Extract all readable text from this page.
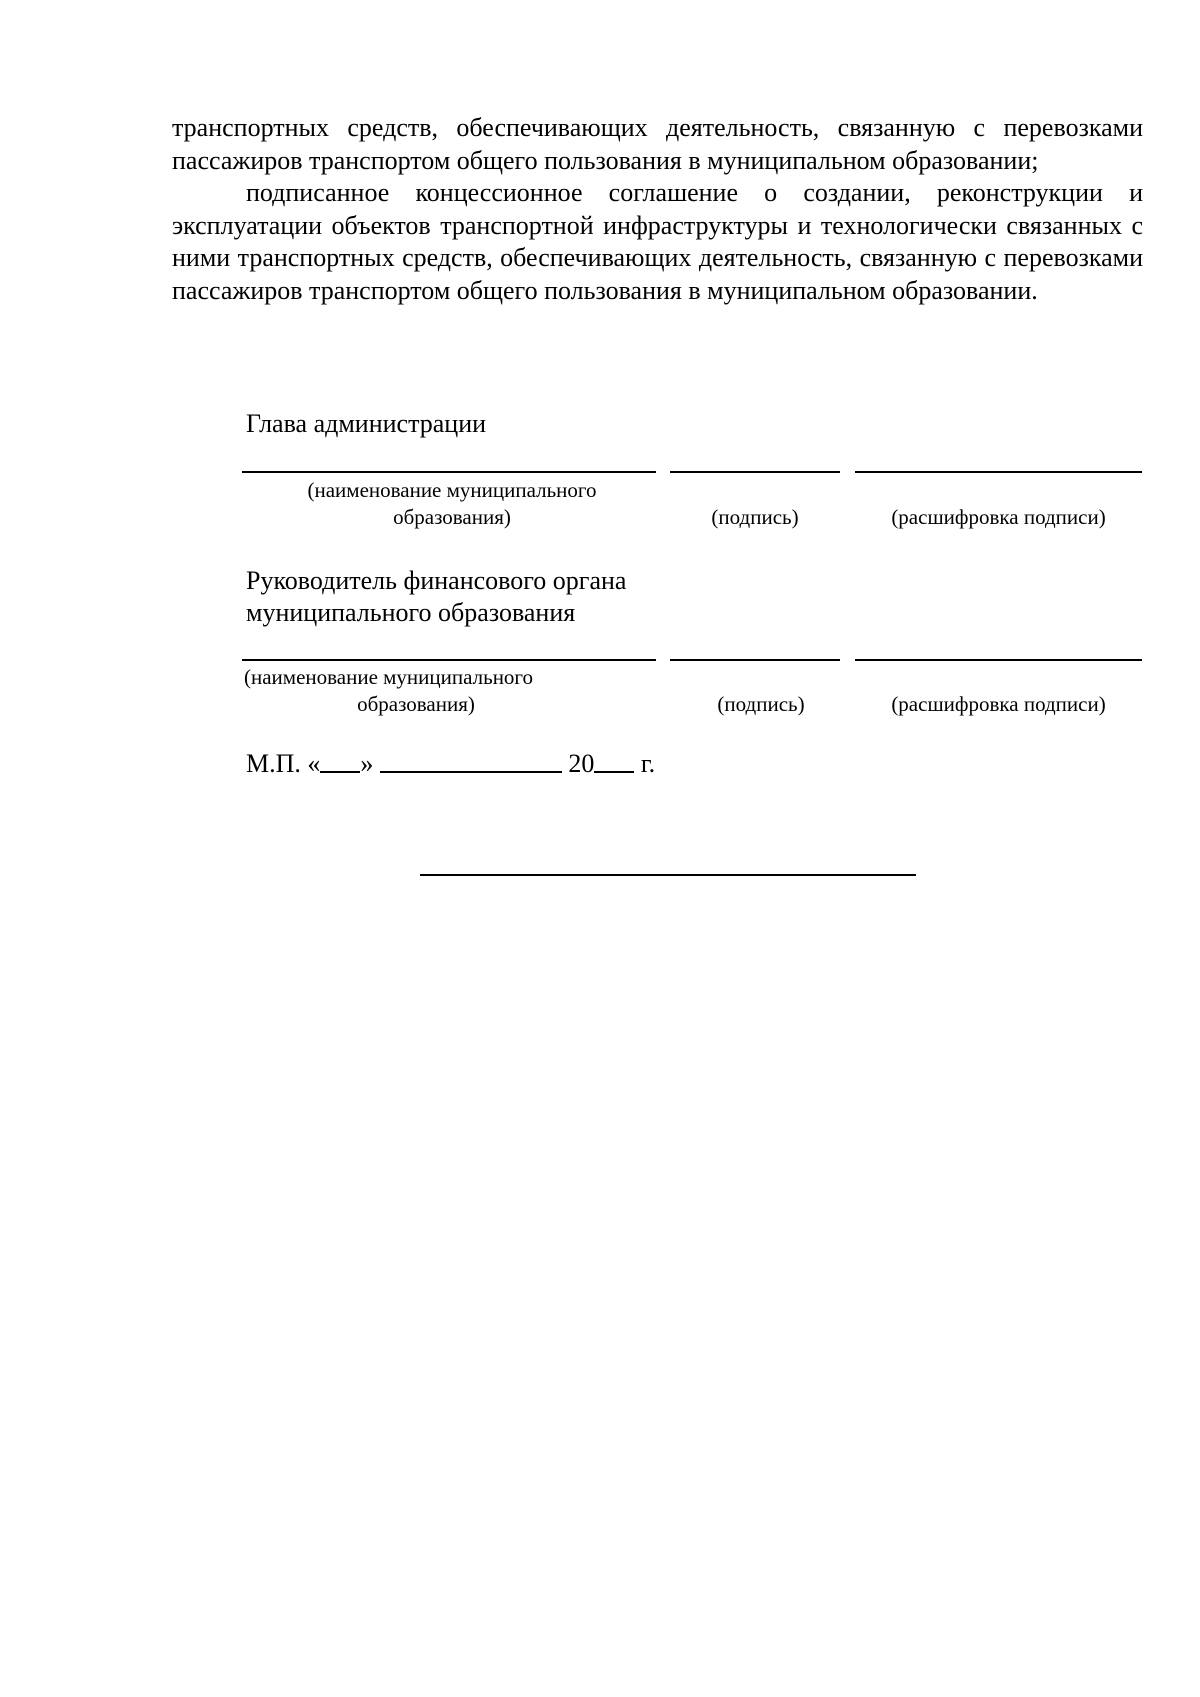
транспортных средств, обеспечивающих деятельность, связанную с перевозками пассажиров транспортом общего пользования в муниципальном образовании;

подписанное концессионное соглашение о создании, реконструкции и эксплуатации объектов транспортной инфраструктуры и технологически связанных с ними транспортных средств, обеспечивающих деятельность, связанную с перевозками пассажиров транспортом общего пользования в муниципальном образовании.

Глава администрации
(наименование муниципального
образования)	(подпись)	(расшифровка подписи)
Руководитель финансового органа
муниципального образования
(наименование муниципального
образования)	(подпись)	(расшифровка подписи)
М.П. « »	20 г.
